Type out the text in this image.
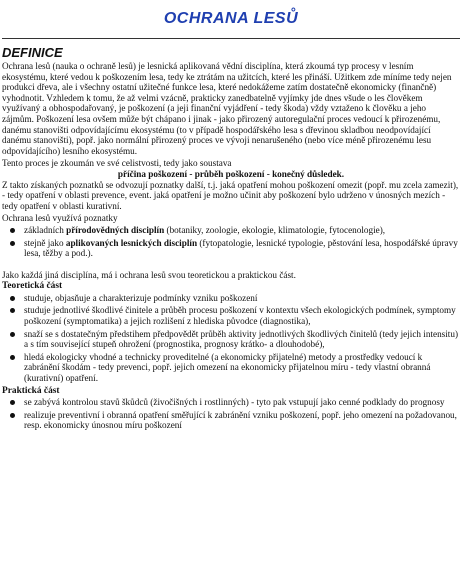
OCHRANA LESŮ
DEFINICE

Ochrana lesů (nauka o ochraně lesů) je lesnická aplikovaná vědní disciplína, která zkoumá typ procesy v lesním ekosystému, které vedou k poškozením lesa, tedy ke ztrátám na užitcích, které les přináší. Užitkem zde míníme tedy nejen produkci dřeva, ale i všechny ostatní užitečné funkce lesa, které nedokážeme zatím dostatečně ekonomicky (finančně) vyhodnotit. Vzhledem k tomu, že až velmi vzácně, prakticky zanedbatelně vyjímky jde dnes všude o les člověkem využívaný a obhospodařovaný, je poškození (a jeji finanční vyjádření - tedy škoda) vždy vztaženo k člověku a jeho zájmům. Poškození lesa ovšem může být chápano i jinak - jako přirozený autoregulační proces vedoucí k přirozenému, danému stanovišti odpovídajícímu ekosystému (to v případě hospodářského lesa s dřevinou skladbou neodpovídající danému stanovišti), popř. jako normální přirozený proces ve vývoji nenarušeného (nebo více méně přirozenému lesu odpovídajícího) lesního ekosystému.

Tento proces je zkoumán ve své celistvosti, tedy jako soustava

příčina poškození - průběh poškození - konečný důsledek.

Z takto získaných poznatků se odvozují poznatky další, t.j. jaká opatření mohou poškození omezit (popř. mu zcela zamezit), - tedy opatření v oblasti prevence, event. jaká opatření je možno učinit aby poškození bylo udrženo v únosných mezích - tedy opatření v oblasti kurativní.

Ochrana lesů využívá poznatky

základních přírodovědných disciplín (botaniky, zoologie, ekologie, klimatologie, fytocenologie),
stejně jako aplikovaných lesnických disciplín (fytopatologie, lesnické typologie, pěstování lesa, hospodářské úpravy lesa, těžby a pod.).

Jako každá jiná disciplína, má i ochrana lesů svou teoretickou a praktickou část.

Teoretická část

studuje, objasňuje a charakterizuje podmínky vzniku poškození
studuje jednotlivé škodlivé činitele a průběh procesu poškození v kontextu všech ekologických podmínek, symptomy poškození (symptomatika) a jejich rozlišení z hlediska původce (diagnostika),
snaží se s dostatečným předstihem předpovědět průběh aktivity jednotlivých škodlivých činitelů (tedy jejich intensitu) a s tím související stupeň ohrožení (prognostika, prognosy krátko- a dlouhodobé),
hledá ekologicky vhodné a technicky proveditelné (a ekonomicky přijatelné) metody a prostředky vedoucí k zabránění škodám - tedy prevenci, popř. jejich omezení na ekonomicky přijatelnou míru - tedy vlastní obranná (kurativní) opatření.

Praktická část

se zabývá kontrolou stavů škůdců (živočišných i rostlinných) - tyto pak vstupují jako cenné podklady do prognosy
realizuje preventivní i obranná opatření směřující k zabránění vzniku poškození, popř. jeho omezení na požadovanou, resp. ekonomicky únosnou míru poškození
